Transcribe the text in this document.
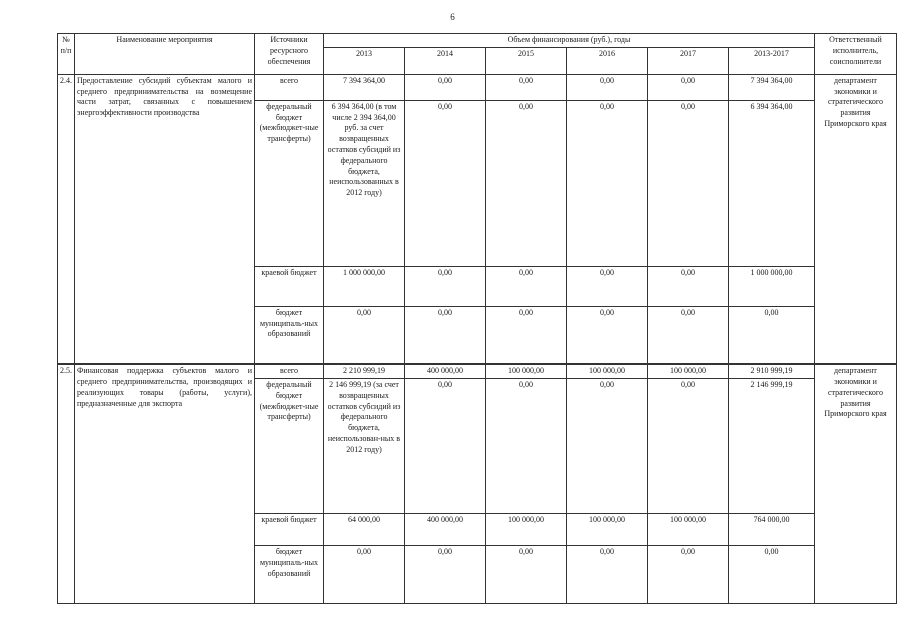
6
№ п/п	Наименование мероприятия	Источники ресурсного обеспечения	Объем финансирования (руб.), годы						Ответственный исполнитель, соисполнители
			2013	2014	2015	2016	2017	2013-2017	
2.4.	Предоставление субсидий субъектам малого и среднего предпринимательства на возмещение части затрат, связанных с повышением энергоэффективности производства	всего	7 394 364,00	0,00	0,00	0,00	0,00	7 394 364,00	департамент экономики и стратегического развития Приморского края
		федеральный бюджет (межбюджет-ные трансферты)	6 394 364,00 (в том числе 2 394 364,00 руб. за счет возвращенных остатков субсидий из федерального бюджета, неиспользованных в 2012 году)	0,00	0,00	0,00	0,00	6 394 364,00	
		краевой бюджет	1 000 000,00	0,00	0,00	0,00	0,00	1 000 000,00	
		бюджет муниципаль-ных образований	0,00	0,00	0,00	0,00	0,00	0,00	
2.5.	Финансовая поддержка субъектов малого и среднего предпринимательства, производящих и реализующих товары (работы, услуги), предназначенные для экспорта	всего	2 210 999,19	400 000,00	100 000,00	100 000,00	100 000,00	2 910 999,19	департамент экономики и стратегического развития Приморского края
		федеральный бюджет (межбюджет-ные трансферты)	2 146 999,19 (за счет возвращенных остатков субсидий из федерального бюджета, неиспользован-ных в 2012 году)	0,00	0,00	0,00	0,00	2 146 999,19	
		краевой бюджет	64 000,00	400 000,00	100 000,00	100 000,00	100 000,00	764 000,00	
		бюджет муниципаль-ных образований	0,00	0,00	0,00	0,00	0,00	0,00	
